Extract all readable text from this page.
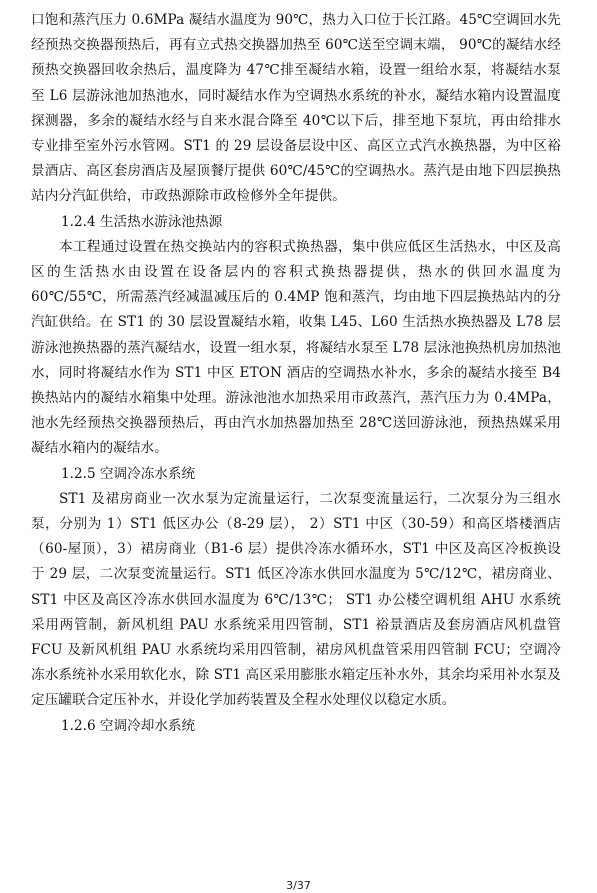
口饱和蒸汽压力 0.6MPa 凝结水温度为 90℃，热力入口位于长江路。45℃空调回水先经预热交换器预热后，再有立式热交换器加热至 60℃送至空调末端， 90℃的凝结水经预热交换器回收余热后，温度降为 47℃排至凝结水箱，设置一组给水泵，将凝结水泵至 L6 层游泳池加热池水，同时凝结水作为空调热水系统的补水，凝结水箱内设置温度探测器，多余的凝结水经与自来水混合降至 40℃以下后，排至地下泵坑，再由给排水专业排至室外污水管网。ST1 的 29 层设备层设中区、高区立式汽水换热器，为中区裕景酒店、高区套房酒店及屋顶餐厅提供 60℃/45℃的空调热水。蒸汽是由地下四层换热站内分汽缸供给，市政热源除市政检修外全年提供。

1.2.4 生活热水游泳池热源

本工程通过设置在热交换站内的容积式换热器，集中供应低区生活热水，中区及高区的生活热水由设置在设备层内的容积式换热器提供，热水的供回水温度为 60℃/55℃，所需蒸汽经减温减压后的 0.4MP 饱和蒸汽，均由地下四层换热站内的分汽缸供给。在 ST1 的 30 层设置凝结水箱，收集 L45、L60 生活热水换热器及 L78 层游泳池换热器的蒸汽凝结水，设置一组水泵，将凝结水泵至 L78 层泳池换热机房加热池水，同时将凝结水作为 ST1 中区 ETON 酒店的空调热水补水，多余的凝结水接至 B4 换热站内的凝结水箱集中处理。游泳池池水加热采用市政蒸汽，蒸汽压力为 0.4MPa，池水先经预热交换器预热后，再由汽水加热器加热至 28℃送回游泳池，预热热媒采用凝结水箱内的凝结水。

1.2.5 空调冷冻水系统

ST1 及裙房商业一次水泵为定流量运行，二次泵变流量运行，二次泵分为三组水泵，分别为 1）ST1 低区办公（8-29 层）， 2）ST1 中区（30-59）和高区塔楼酒店（60-屋顶），3）裙房商业（B1-6 层）提供冷冻水循环水，ST1 中区及高区冷板换设于 29 层，二次泵变流量运行。ST1 低区冷冻水供回水温度为 5℃/12℃，裙房商业、ST1 中区及高区冷冻水供回水温度为 6℃/13℃； ST1 办公楼空调机组 AHU 水系统采用两管制，新风机组 PAU 水系统采用四管制，ST1 裕景酒店及套房酒店风机盘管 FCU 及新风机组 PAU 水系统均采用四管制，裙房风机盘管采用四管制 FCU；空调冷冻水系统补水采用软化水，除 ST1 高区采用膨胀水箱定压补水外，其余均采用补水泵及定压罐联合定压补水，并设化学加药装置及全程水处理仪以稳定水质。

1.2.6 空调冷却水系统

3/37
